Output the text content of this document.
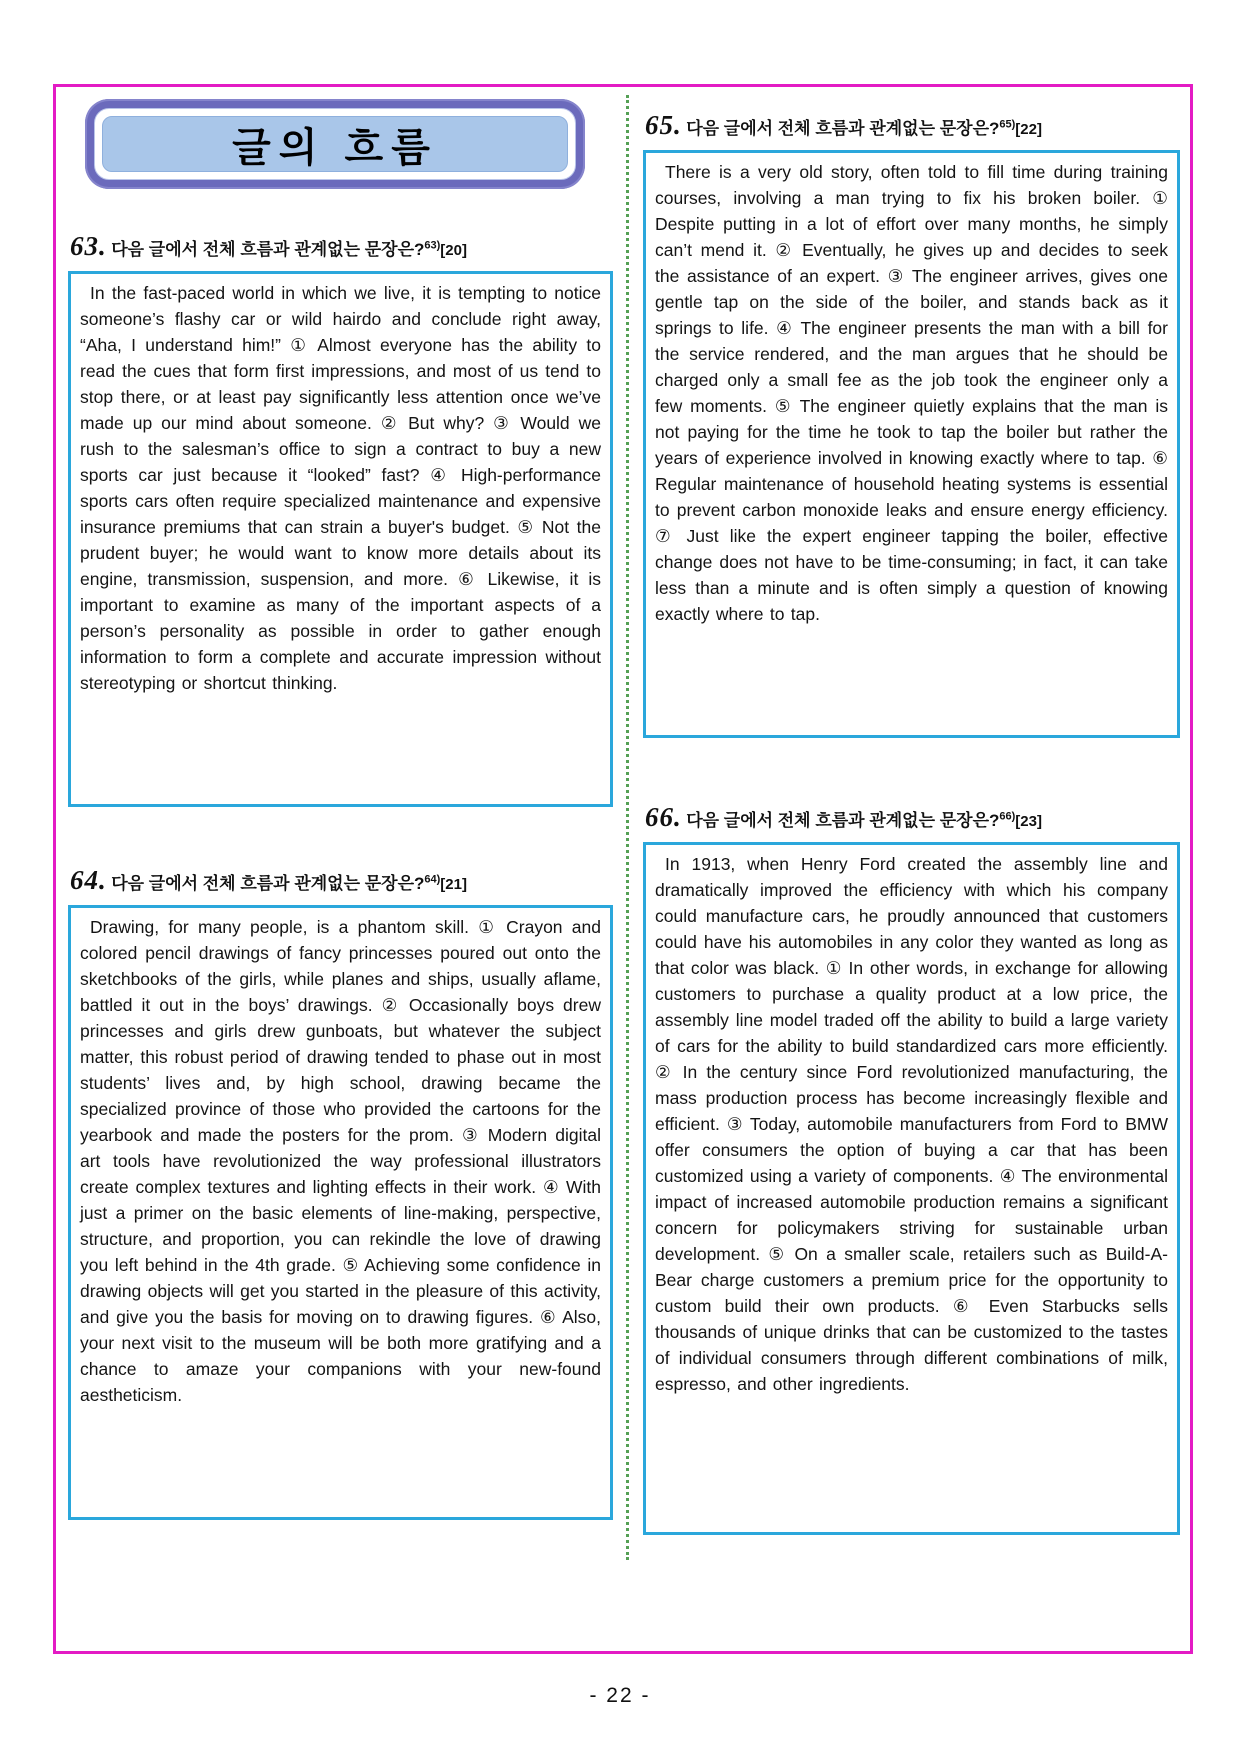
글의 흐름
63. 다음 글에서 전체 흐름과 관계없는 문장은?$^{63)}$[20]

In the fast-paced world in which we live, it is tempting to notice someone’s flashy car or wild hairdo and conclude right away, “Aha, I understand him!” ① Almost everyone has the ability to read the cues that form first impressions, and most of us tend to stop there, or at least pay significantly less attention once we’ve made up our mind about someone. ② But why? ③ Would we rush to the salesman’s office to sign a contract to buy a new sports car just because it “looked” fast? ④ High-performance sports cars often require specialized maintenance and expensive insurance premiums that can strain a buyer's budget. ⑤ Not the prudent buyer; he would want to know more details about its engine, transmission, suspension, and more. ⑥ Likewise, it is important to examine as many of the important aspects of a person’s personality as possible in order to gather enough information to form a complete and accurate impression without stereotyping or shortcut thinking.

64. 다음 글에서 전체 흐름과 관계없는 문장은?$^{64)}$[21]

Drawing, for many people, is a phantom skill. ① Crayon and colored pencil drawings of fancy princesses poured out onto the sketchbooks of the girls, while planes and ships, usually aflame, battled it out in the boys’ drawings. ② Occasionally boys drew princesses and girls drew gunboats, but whatever the subject matter, this robust period of drawing tended to phase out in most students’ lives and, by high school, drawing became the specialized province of those who provided the cartoons for the yearbook and made the posters for the prom. ③ Modern digital art tools have revolutionized the way professional illustrators create complex textures and lighting effects in their work. ④ With just a primer on the basic elements of line-making, perspective, structure, and proportion, you can rekindle the love of drawing you left behind in the 4th grade. ⑤ Achieving some confidence in drawing objects will get you started in the pleasure of this activity, and give you the basis for moving on to drawing figures. ⑥ Also, your next visit to the museum will be both more gratifying and a chance to amaze your companions with your new-found aestheticism.

65. 다음 글에서 전체 흐름과 관계없는 문장은?$^{65)}$[22]

There is a very old story, often told to fill time during training courses, involving a man trying to fix his broken boiler. ① Despite putting in a lot of effort over many months, he simply can’t mend it. ② Eventually, he gives up and decides to seek the assistance of an expert. ③ The engineer arrives, gives one gentle tap on the side of the boiler, and stands back as it springs to life. ④ The engineer presents the man with a bill for the service rendered, and the man argues that he should be charged only a small fee as the job took the engineer only a few moments. ⑤ The engineer quietly explains that the man is not paying for the time he took to tap the boiler but rather the years of experience involved in knowing exactly where to tap. ⑥ Regular maintenance of household heating systems is essential to prevent carbon monoxide leaks and ensure energy efficiency. ⑦ Just like the expert engineer tapping the boiler, effective change does not have to be time-consuming; in fact, it can take less than a minute and is often simply a question of knowing exactly where to tap.

66. 다음 글에서 전체 흐름과 관계없는 문장은?$^{66)}$[23]

In 1913, when Henry Ford created the assembly line and dramatically improved the efficiency with which his company could manufacture cars, he proudly announced that customers could have his automobiles in any color they wanted as long as that color was black. ① In other words, in exchange for allowing customers to purchase a quality product at a low price, the assembly line model traded off the ability to build a large variety of cars for the ability to build standardized cars more efficiently. ② In the century since Ford revolutionized manufacturing, the mass production process has become increasingly flexible and efficient. ③ Today, automobile manufacturers from Ford to BMW offer consumers the option of buying a car that has been customized using a variety of components. ④ The environmental impact of increased automobile production remains a significant concern for policymakers striving for sustainable urban development. ⑤ On a smaller scale, retailers such as Build-A-Bear charge customers a premium price for the opportunity to custom build their own products. ⑥ Even Starbucks sells thousands of unique drinks that can be customized to the tastes of individual consumers through different combinations of milk, espresso, and other ingredients.

- 22 -
